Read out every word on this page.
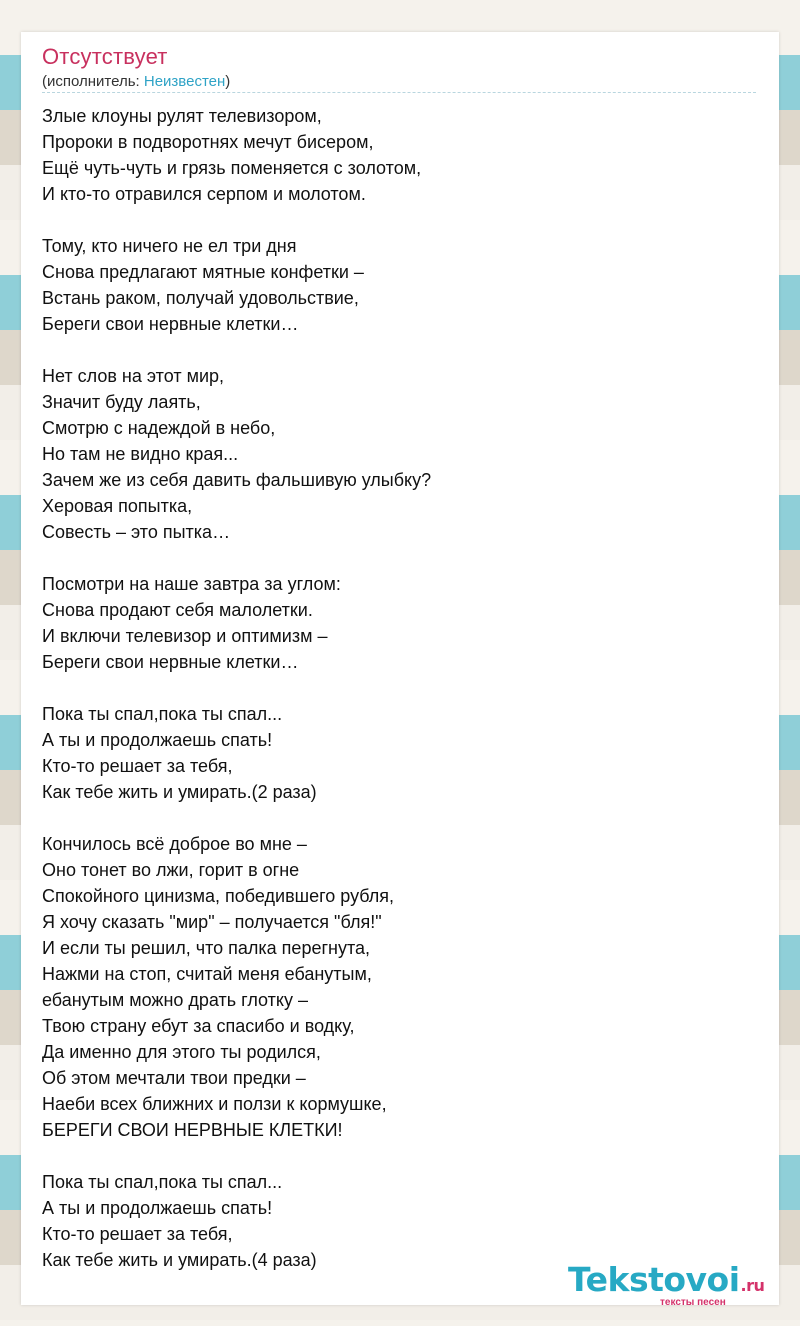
Отсутствует
(исполнитель: Неизвестен)
Злые клоуны рулят телевизором,
Пророки в подворотнях мечут бисером,
Ещё чуть-чуть и грязь поменяется с золотом,
И кто-то отравился серпом и молотом.
Тому, кто ничего не ел три дня
Снова предлагают мятные конфетки –
Встань раком, получай удовольствие,
Береги свои нервные клетки…
Нет слов на этот мир,
Значит буду лаять,
Смотрю с надеждой в небо,
Но там не видно края...
Зачем же из себя давить фальшивую улыбку?
Херовая попытка,
Совесть – это пытка…
Посмотри на наше завтра за углом:
Снова продают себя малолетки.
И включи телевизор и оптимизм –
Береги свои нервные клетки…
Пока ты спал,пока ты спал...
А ты и продолжаешь спать!
Кто-то решает за тебя,
Как тебе жить и умирать.(2 раза)
Кончилось всё доброе во мне –
Оно тонет во лжи, горит в огне
Спокойного цинизма, победившего рубля,
Я хочу сказать "мир" – получается "бля!"
И если ты решил, что палка перегнута,
Нажми на стоп, считай меня ебанутым,
ебанутым можно драть глотку –
Твою страну ебут за спасибо и водку,
Да именно для этого ты родился,
Об этом мечтали твои предки –
Наеби всех ближних и ползи к кормушке,
БЕРЕГИ СВОИ НЕРВНЫЕ КЛЕТКИ!
Пока ты спал,пока ты спал...
А ты и продолжаешь спать!
Кто-то решает за тебя,
Как тебе жить и умирать.(4 раза)	Tekstovoi.ru
тексты песен
